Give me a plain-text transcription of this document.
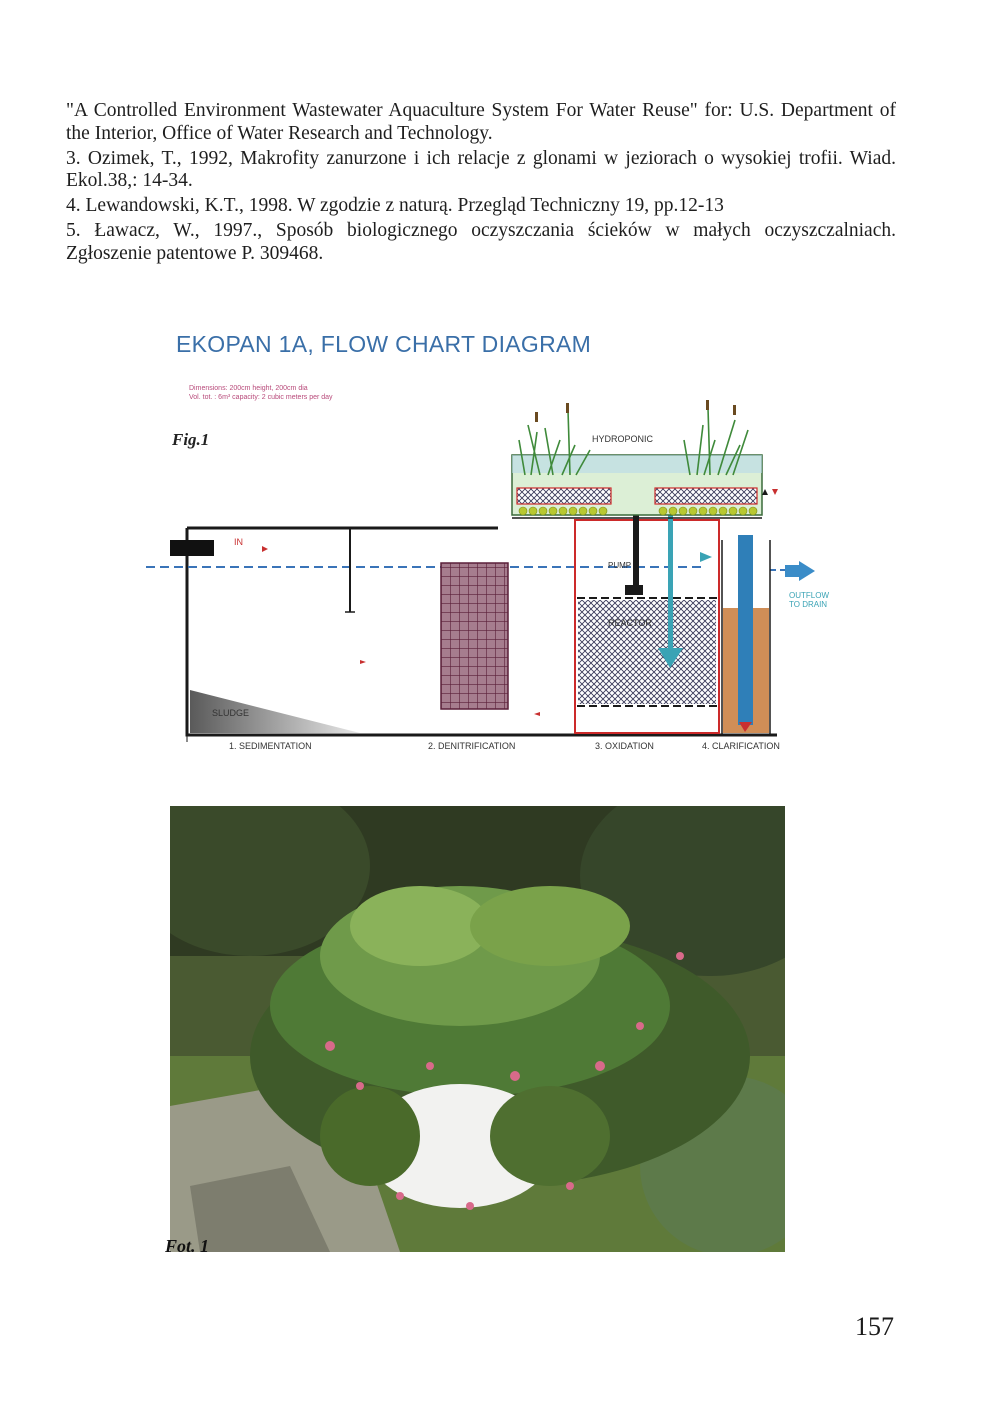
"A Controlled Environment Wastewater Aquaculture System For Water Reuse" for: U.S. Department of the Interior, Office of Water Research and Technology.

3. Ozimek, T., 1992, Makrofity zanurzone i ich relacje z glonami w jeziorach o wysokiej trofii. Wiad. Ekol.38,: 14-34.

4. Lewandowski, K.T., 1998. W zgodzie z naturą. Przegląd Techniczny 19, pp.12-13

5. Ławacz, W., 1997., Sposób biologicznego oczyszczania ścieków w małych oczyszczalniach. Zgłoszenie patentowe P. 309468.

EKOPAN 1A, FLOW CHART DIAGRAM
Dimensions: 200cm height, 200cm dia
Vol. tot. : 6m³ capacity: 2 cubic meters per day
Fig.1
SLUDGE
IN
REACTOR
PUMP
OUTFLOW
TO DRAIN
HYDROPONIC
1. SEDIMENTATION	2. DENITRIFICATION	3. OXIDATION	4. CLARIFICATION
Fot. 1
157
